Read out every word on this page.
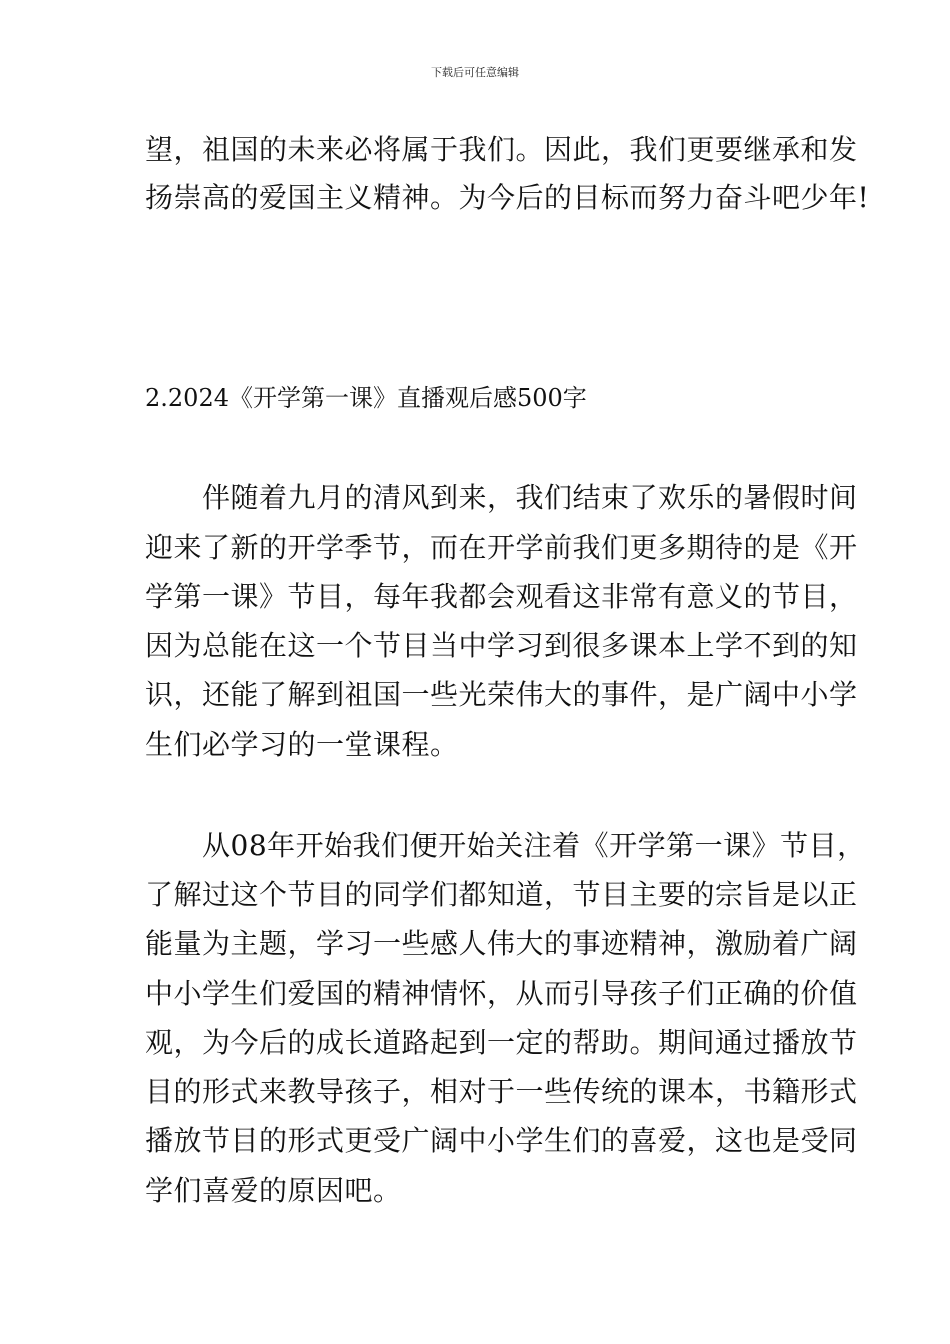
下载后可任意编辑
望，祖国的未来必将属于我们。因此，我们更要继承和发
扬崇高的爱国主义精神。为今后的目标而努力奋斗吧少年!
2.2024《开学第一课》直播观后感500字
　　伴随着九月的清风到来，我们结束了欢乐的暑假时间
迎来了新的开学季节，而在开学前我们更多期待的是《开
学第一课》节目，每年我都会观看这非常有意义的节目，
因为总能在这一个节目当中学习到很多课本上学不到的知
识，还能了解到祖国一些光荣伟大的事件，是广阔中小学
生们必学习的一堂课程。
　　从08年开始我们便开始关注着《开学第一课》节目，
了解过这个节目的同学们都知道，节目主要的宗旨是以正
能量为主题，学习一些感人伟大的事迹精神，激励着广阔
中小学生们爱国的精神情怀，从而引导孩子们正确的价值
观，为今后的成长道路起到一定的帮助。期间通过播放节
目的形式来教导孩子，相对于一些传统的课本，书籍形式
播放节目的形式更受广阔中小学生们的喜爱，这也是受同
学们喜爱的原因吧。
